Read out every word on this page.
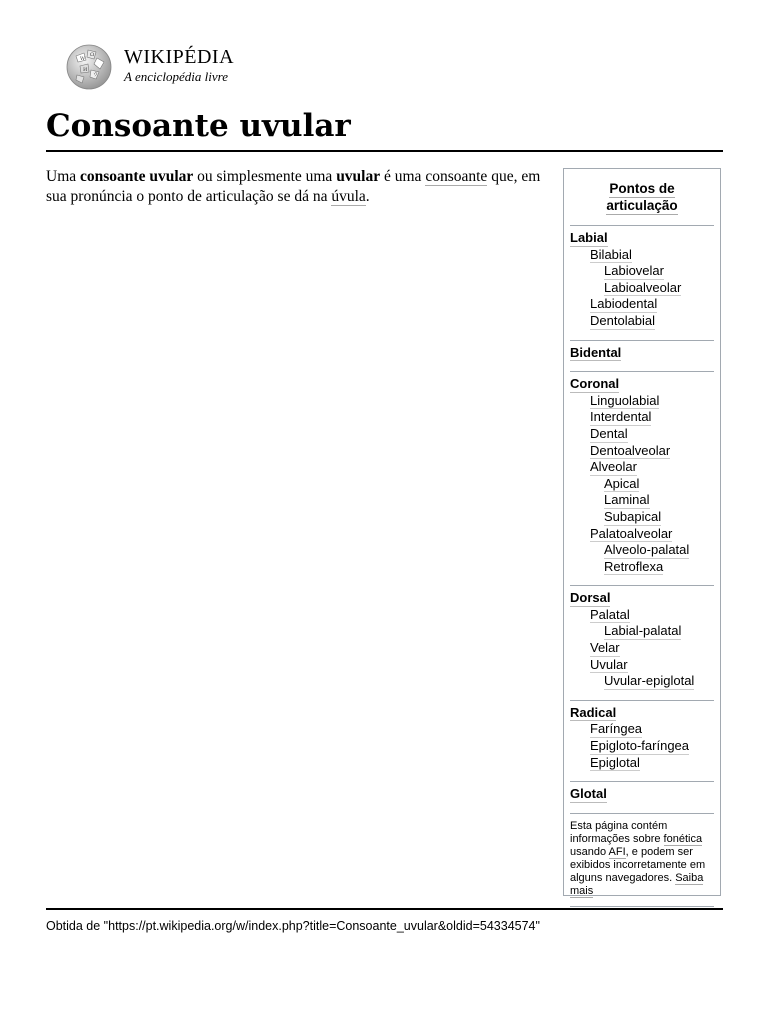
W
Ω
И
ウ
WIKIPÉDIA
A enciclopédia livre
Consoante uvular

Uma consoante uvular ou simplesmente uma uvular é uma consoante que, em sua pronúncia o ponto de articulação se dá na úvula.	Pontos de
articulação
Labial
Bilabial
Labiovelar
Labioalveolar
Labiodental
Dentolabial
Bidental
Coronal
Linguolabial
Interdental
Dental
Dentoalveolar
Alveolar
Apical
Laminal
Subapical
Palatoalveolar
Alveolo-palatal
Retroflexa
Dorsal
Palatal
Labial-palatal
Velar
Uvular
Uvular-epiglotal
Radical
Faríngea
Epigloto-faríngea
Epiglotal
Glotal
Esta página contém informações sobre fonética usando AFI, e podem ser exibidos incorretamente em alguns navegadores. Saiba mais
Obtida de "https://pt.wikipedia.org/w/index.php?title=Consoante_uvular&oldid=54334574"
